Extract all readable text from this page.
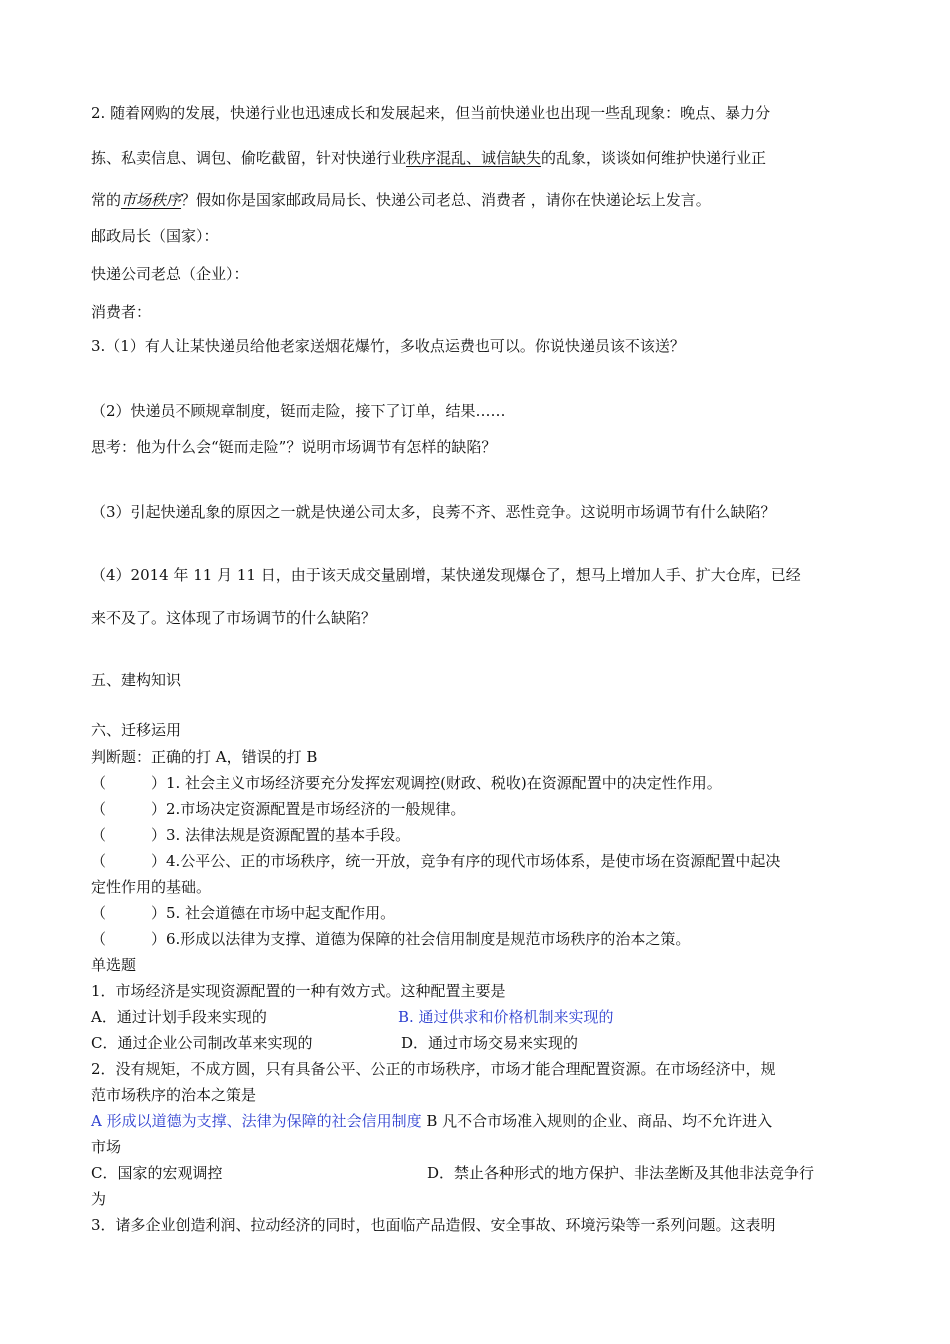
2. 随着网购的发展，快递行业也迅速成长和发展起来，但当前快递业也出现一些乱现象：晚点、暴力分
拣、私卖信息、调包、偷吃截留，针对快递行业秩序混乱、诚信缺失的乱象，谈谈如何维护快递行业正
常的市场秩序？假如你是国家邮政局局长、快递公司老总、消费者 ，请你在快递论坛上发言。
邮政局长（国家）：
快递公司老总（企业）：
消费者：
3.（1）有人让某快递员给他老家送烟花爆竹，多收点运费也可以。你说快递员该不该送？
（2）快递员不顾规章制度，铤而走险，接下了订单，结果……
思考：他为什么会“铤而走险”？说明市场调节有怎样的缺陷？
（3）引起快递乱象的原因之一就是快递公司太多，良莠不齐、恶性竞争。这说明市场调节有什么缺陷？
（4）2014 年 11 月 11 日，由于该天成交量剧增，某快递发现爆仓了，想马上增加人手、扩大仓库，已经
来不及了。这体现了市场调节的什么缺陷？
五、建构知识
六、迁移运用
判断题：正确的打 A，错误的打 B
（　　　）1. 社会主义市场经济要充分发挥宏观调控(财政、税收)在资源配置中的决定性作用。
（　　　）2.市场决定资源配置是市场经济的一般规律。
（　　　）3. 法律法规是资源配置的基本手段。
（　　　）4.公平公、正的市场秩序，统一开放，竞争有序的现代市场体系，是使市场在资源配置中起决
定性作用的基础。
（　　　）5. 社会道德在市场中起支配作用。
（　　　）6.形成以法律为支撑、道德为保障的社会信用制度是规范市场秩序的治本之策。
单选题
1．市场经济是实现资源配置的一种有效方式。这种配置主要是
A．通过计划手段来实现的	B. 通过供求和价格机制来实现的
C．通过企业公司制改革来实现的	D．通过市场交易来实现的
2．没有规矩，不成方圆，只有具备公平、公正的市场秩序，市场才能合理配置资源。在市场经济中，规
范市场秩序的治本之策是
A 形成以道德为支撑、法律为保障的社会信用制度 B 凡不合市场准入规则的企业、商品、均不允许进入
市场
C．国家的宏观调控	D．禁止各种形式的地方保护、非法垄断及其他非法竞争行
为
3．诸多企业创造利润、拉动经济的同时，也面临产品造假、安全事故、环境污染等一系列问题。这表明
